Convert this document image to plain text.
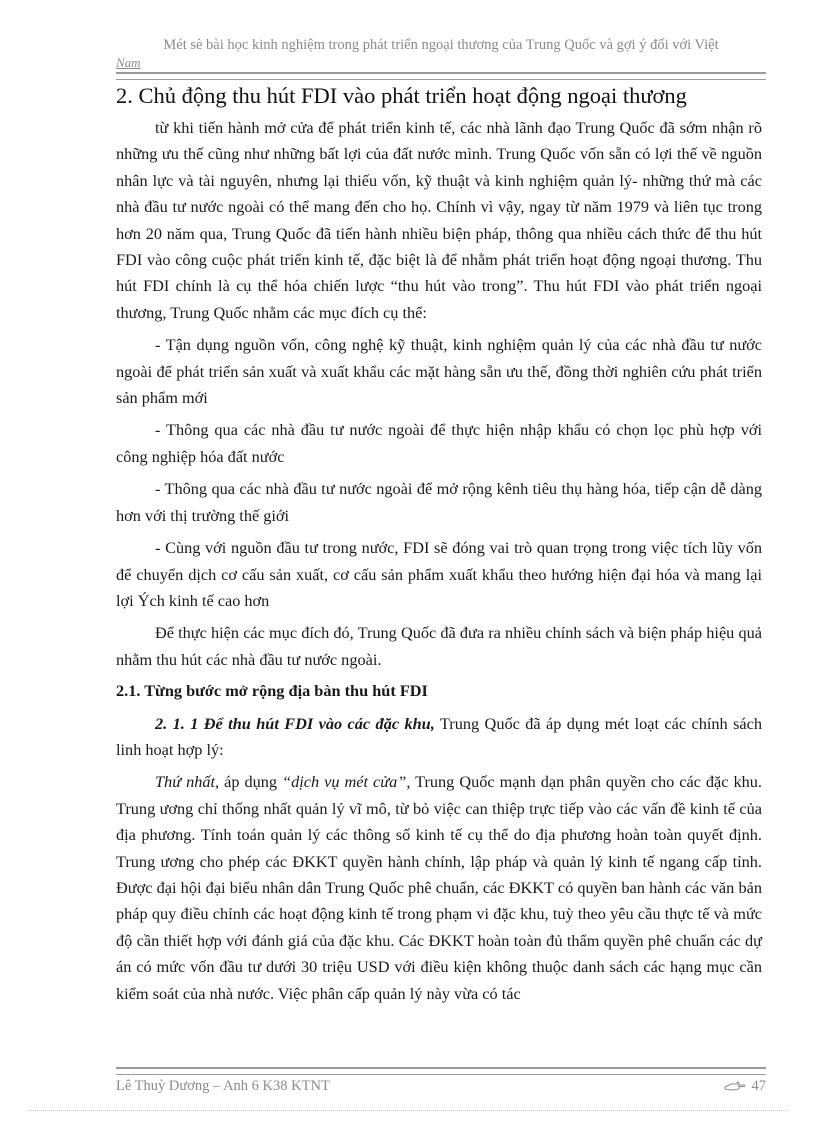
Mét sè bài học kinh nghiệm trong phát triển ngoại thương của Trung Quốc và gợi ý đối với Việt
Nam
2. Chủ động thu hút FDI vào phát triển hoạt động ngoại thương

từ khi tiến hành mở cửa để phát triển kinh tế, các nhà lãnh đạo Trung Quốc đã sớm nhận rõ những ưu thế cũng như những bất lợi của đất nước mình. Trung Quốc vốn sẵn có lợi thế về nguồn nhân lực và tài nguyên, nhưng lại thiếu vốn, kỹ thuật và kinh nghiệm quản lý- những thứ mà các nhà đầu tư nước ngoài có thể mang đến cho họ. Chính vì vậy, ngay từ năm 1979 và liên tục trong hơn 20 năm qua, Trung Quốc đã tiến hành nhiều biện pháp, thông qua nhiều cách thức để thu hút FDI vào công cuộc phát triển kinh tế, đặc biệt là để nhằm phát triển hoạt động ngoại thương. Thu hút FDI chính là cụ thể hóa chiến lược “thu hút vào trong”. Thu hút FDI vào phát triển ngoại thương, Trung Quốc nhằm các mục đích cụ thể:

- Tận dụng nguồn vốn, công nghệ kỹ thuật, kinh nghiệm quản lý của các nhà đầu tư nước ngoài để phát triển sản xuất và xuất khẩu các mặt hàng sẵn ưu thế, đồng thời nghiên cứu phát triển sản phẩm mới

- Thông qua các nhà đầu tư nước ngoài để thực hiện nhập khẩu có chọn lọc phù hợp với công nghiệp hóa đất nước

- Thông qua các nhà đầu tư nước ngoài để mở rộng kênh tiêu thụ hàng hóa, tiếp cận dễ dàng hơn với thị trường thế giới

- Cùng với nguồn đầu tư trong nước, FDI sẽ đóng vai trò quan trọng trong việc tích lũy vốn để chuyển dịch cơ cấu sản xuất, cơ cấu sản phẩm xuất khẩu theo hướng hiện đại hóa và mang lại lợi Ých kinh tế cao hơn

Để thực hiện các mục đích đó, Trung Quốc đã đưa ra nhiều chính sách và biện pháp hiệu quả nhằm thu hút các nhà đầu tư nước ngoài.

2.1. Từng bước mở rộng địa bàn thu hút FDI

2. 1. 1 Để thu hút FDI vào các đặc khu, Trung Quốc đã áp dụng mét loạt các chính sách linh hoạt hợp lý:

Thứ nhất, áp dụng “dịch vụ mét cửa”, Trung Quốc mạnh dạn phân quyền cho các đặc khu. Trung ương chỉ thống nhất quản lý vĩ mô, từ bỏ việc can thiệp trực tiếp vào các vấn đề kinh tế của địa phương. Tính toán quản lý các thông số kinh tế cụ thể do địa phương hoàn toàn quyết định. Trung ương cho phép các ĐKKT quyền hành chính, lập pháp và quản lý kinh tế ngang cấp tỉnh. Được đại hội đại biểu nhân dân Trung Quốc phê chuẩn, các ĐKKT có quyền ban hành các văn bản pháp quy điều chỉnh các hoạt động kinh tế trong phạm vi đặc khu, tuỳ theo yêu cầu thực tế và mức độ cần thiết hợp với đánh giá của đặc khu. Các ĐKKT hoàn toàn đủ thẩm quyền phê chuẩn các dự án có mức vốn đầu tư dưới 30 triệu USD với điều kiện không thuộc danh sách các hạng mục cần kiểm soát của nhà nước. Việc phân cấp quản lý này vừa có tác

Lê Thuỳ Dương – Anh 6 K38 KTNT	47
